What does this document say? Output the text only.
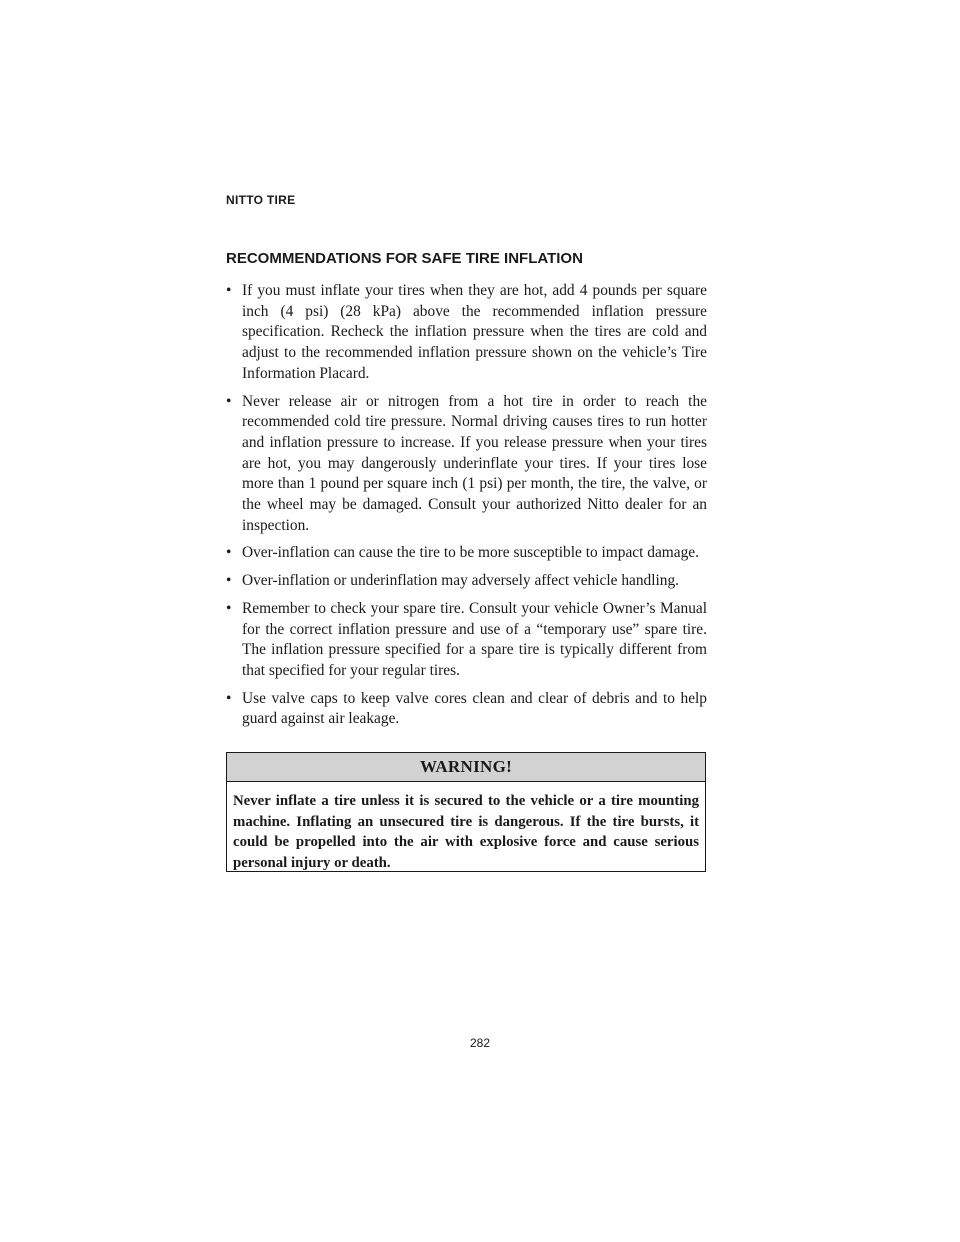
NITTO TIRE
RECOMMENDATIONS FOR SAFE TIRE INFLATION
• If you must inflate your tires when they are hot, add 4 pounds per square inch (4 psi) (28 kPa) above the recommended inflation pressure specification. Recheck the inflation pressure when the tires are cold and adjust to the recommended inflation pressure shown on the vehicle’s Tire Information Placard.
• Never release air or nitrogen from a hot tire in order to reach the recommended cold tire pressure. Normal driving causes tires to run hotter and inflation pressure to increase. If you release pressure when your tires are hot, you may dangerously underinflate your tires. If your tires lose more than 1 pound per square inch (1 psi) per month, the tire, the valve, or the wheel may be damaged. Consult your authorized Nitto dealer for an inspection.
• Over-inflation can cause the tire to be more susceptible to impact damage.
• Over-inflation or underinflation may adversely affect vehicle handling.
• Remember to check your spare tire. Consult your vehicle Owner’s Manual for the correct inflation pressure and use of a “temporary use” spare tire. The inflation pressure specified for a spare tire is typically different from that specified for your regular tires.
• Use valve caps to keep valve cores clean and clear of debris and to help guard against air leakage.
WARNING!
Never inflate a tire unless it is secured to the vehicle or a tire mounting machine. Inflating an unsecured tire is dangerous. If the tire bursts, it could be propelled into the air with explosive force and cause serious personal injury or death.
282
